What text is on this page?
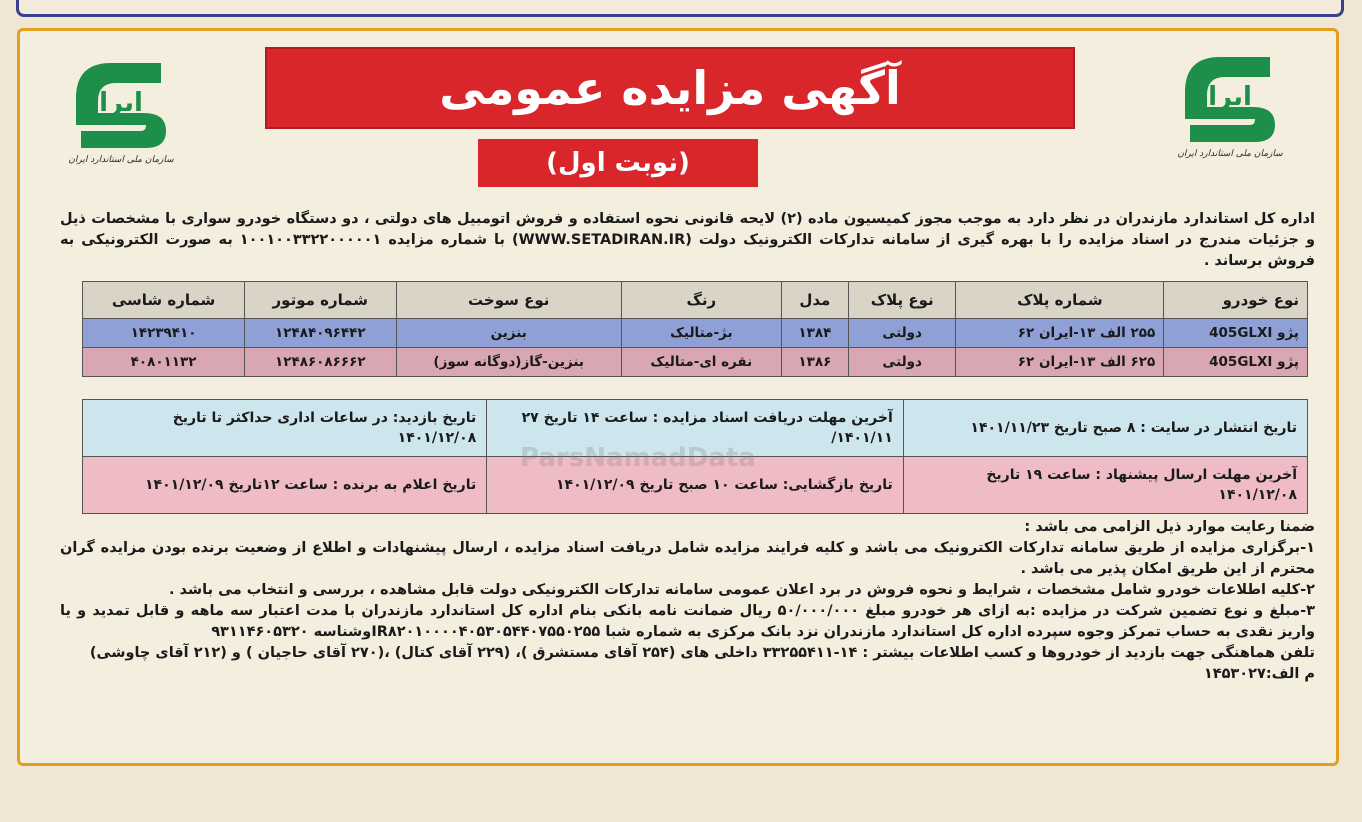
ایرا
سازمان ملی استاندارد ایران
ایرا
سازمان ملی استاندارد ایران
آگهی مزایده عمومی
(نوبت اول)
اداره کل استاندارد مازندران در نظر دارد به موجب مجوز کمیسیون ماده (۲) لایحه قانونی نحوه استفاده و فروش اتومبیل های دولتی ، دو دستگاه خودرو سواری با مشخصات ذیل و جزئیات مندرج در اسناد مزایده را با بهره گیری از سامانه تدارکات الکترونیک دولت (WWW.SETADIRAN.IR) با شماره مزایده ۱۰۰۱۰۰۳۳۲۲۰۰۰۰۰۱ به صورت الکترونیکی به فروش برساند .
نوع خودرو	شماره پلاک	نوع پلاک	مدل	رنگ	نوع سوخت	شماره موتور	شماره شاسی
پژو 405GLXI	۲۵۵ الف ۱۳-ایران ۶۲	دولتی	۱۳۸۴	بژ-متالیک	بنزین	۱۲۴۸۴۰۹۶۴۴۲	۱۴۲۳۹۴۱۰
پژو 405GLXI	۶۲۵ الف ۱۳-ایران ۶۲	دولتی	۱۳۸۶	نقره ای-متالیک	بنزین-گاز(دوگانه سوز)	۱۲۴۸۶۰۸۶۶۶۲	۴۰۸۰۱۱۳۲
تاریخ انتشار در سایت : ۸ صبح تاریخ ۱۴۰۱/۱۱/۲۳	آخرین مهلت دریافت اسناد مزایده : ساعت ۱۴ تاریخ ۲۷ ۱۴۰۱/۱۱/	تاریخ بازدید: در ساعات اداری حداکثر تا تاریخ ۱۴۰۱/۱۲/۰۸
آخرین مهلت ارسال پیشنهاد : ساعت ۱۹ تاریخ ۱۴۰۱/۱۲/۰۸	تاریخ بازگشایی: ساعت ۱۰ صبح تاریخ ۱۴۰۱/۱۲/۰۹	تاریخ اعلام به برنده : ساعت ۱۲تاریخ ۱۴۰۱/۱۲/۰۹
ParsNamadData

ضمنا رعایت موارد ذیل الزامی می باشد :

۱-برگزاری مزایده از طریق سامانه تدارکات الکترونیک می باشد و کلیه فرایند مزایده شامل دریافت اسناد مزایده ، ارسال پیشنهادات و اطلاع از وضعیت برنده بودن مزایده گران محترم از این طریق امکان پذیر می باشد .

۲-کلیه اطلاعات خودرو شامل مشخصات ، شرایط و نحوه فروش در برد اعلان عمومی سامانه تدارکات الکترونیکی دولت قابل مشاهده ، بررسی و انتخاب می باشد .

۳-مبلغ و نوع تضمین شرکت در مزایده :به ازای هر خودرو مبلغ ۵۰/۰۰۰/۰۰۰ ریال ضمانت نامه بانکی بنام اداره کل استاندارد مازندران با مدت اعتبار سه ماهه و قابل تمدید و یا واریز نقدی به حساب تمرکز وجوه سپرده اداره کل استاندارد مازندران نزد بانک مرکزی به شماره شبا IR۸۲۰۱۰۰۰۰۴۰۵۳۰۵۴۴۰۷۵۵۰۲۵۵وشناسه ۹۳۱۱۴۶۰۵۳۲۰

تلفن هماهنگی جهت بازدید از خودروها و کسب اطلاعات بیشتر : ۱۴-۳۳۲۵۵۴۱۱ داخلی های (۲۵۴ آقای مستشرق )، (۲۲۹ آقای کتال) ،(۲۷۰ آقای حاجیان ) و (۲۱۲ آقای چاوشی)

م الف:۱۴۵۳۰۲۷
